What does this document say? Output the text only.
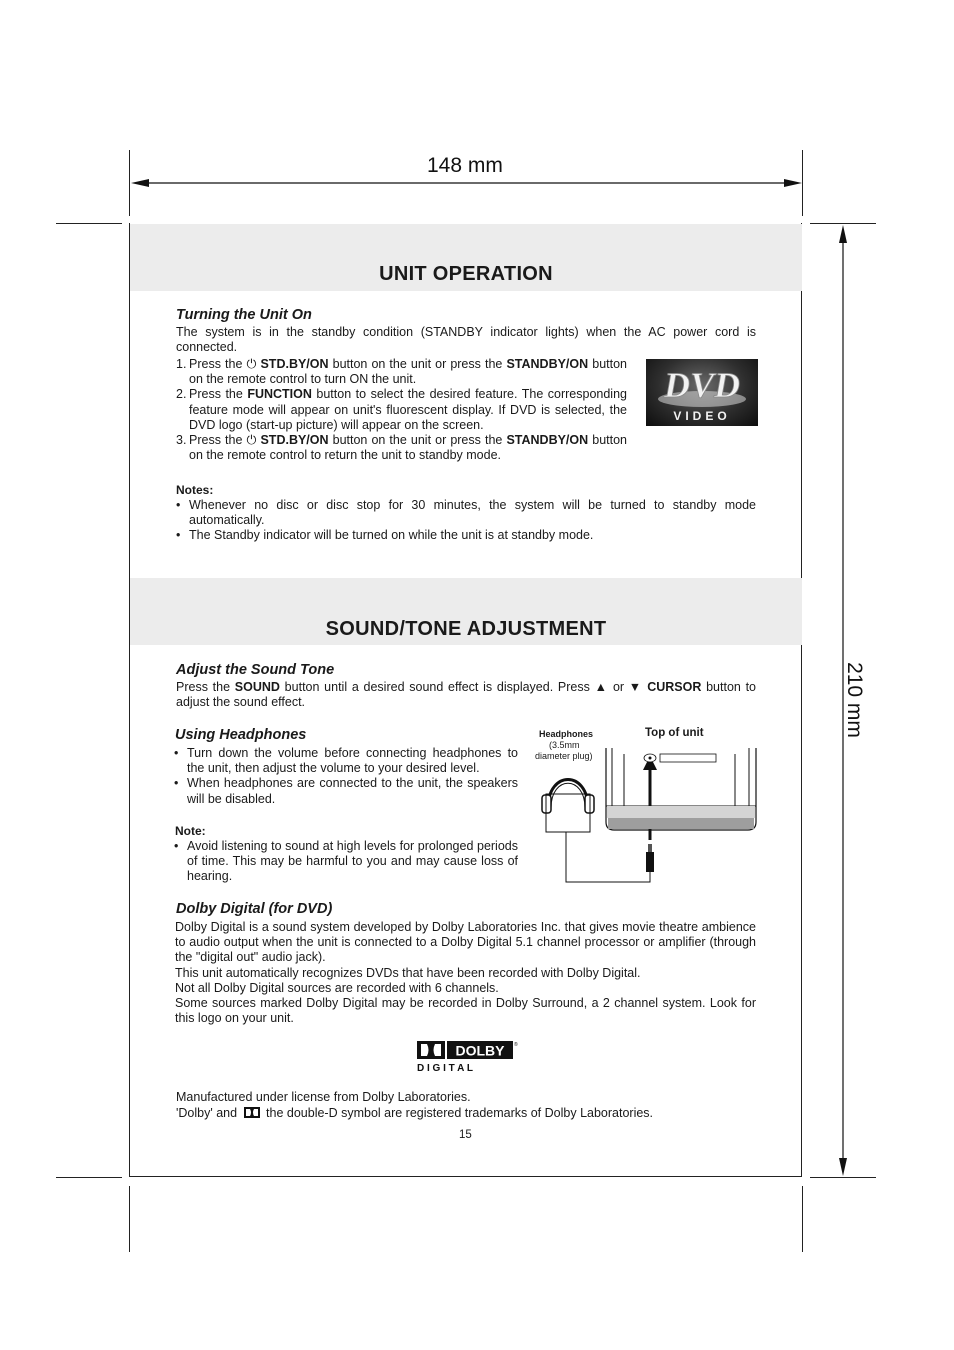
148 mm
210 mm
UNIT OPERATION
Turning the Unit On
The system is in the standby condition (STANDBY indicator lights) when the AC power cord is connected.
1. Press the ⏻ STD.BY/ON button on the unit or press the STANDBY/ON button on the remote control to turn ON the unit.
2. Press the FUNCTION button to select the desired feature. The corresponding feature mode will appear on unit's fluorescent display. If DVD is selected, the DVD logo (start-up picture) will appear on the screen.
3. Press the ⏻ STD.BY/ON button on the unit or press the STANDBY/ON button on the remote control to return the unit to standby mode.
DVD
VIDEO
Notes:
• Whenever no disc or disc stop for 30 minutes, the system will be turned to standby mode automatically.
• The Standby indicator will be turned on while the unit is at standby mode.
SOUND/TONE ADJUSTMENT
Adjust the Sound Tone
Press the SOUND button until a desired sound effect is displayed. Press ▲ or ▼ CURSOR button to adjust the sound effect.
Using Headphones
• Turn down the volume before connecting headphones to the unit, then adjust the volume to your desired level.
• When headphones are connected to the unit, the speakers will be disabled.
Note:
• Avoid listening to sound at high levels for prolonged periods of time. This may be harmful to you and may cause loss of hearing.
Headphones
(3.5mm
diameter plug)
Top of unit
Dolby Digital (for DVD)

Dolby Digital is a sound system developed by Dolby Laboratories Inc. that gives movie theatre ambience to audio output when the unit is connected to a Dolby Digital 5.1 channel processor or amplifier (through the "digital out" audio jack).

This unit automatically recognizes DVDs that have been recorded with Dolby Digital.

Not all Dolby Digital sources are recorded with 6 channels.

Some sources marked Dolby Digital may be recorded in Dolby Surround, a 2 channel system. Look for this logo on your unit.

DOLBY ®
D I G I T A L
Manufactured under license from Dolby Laboratories.
'Dolby' and the double-D symbol are registered trademarks of Dolby Laboratories.
15
